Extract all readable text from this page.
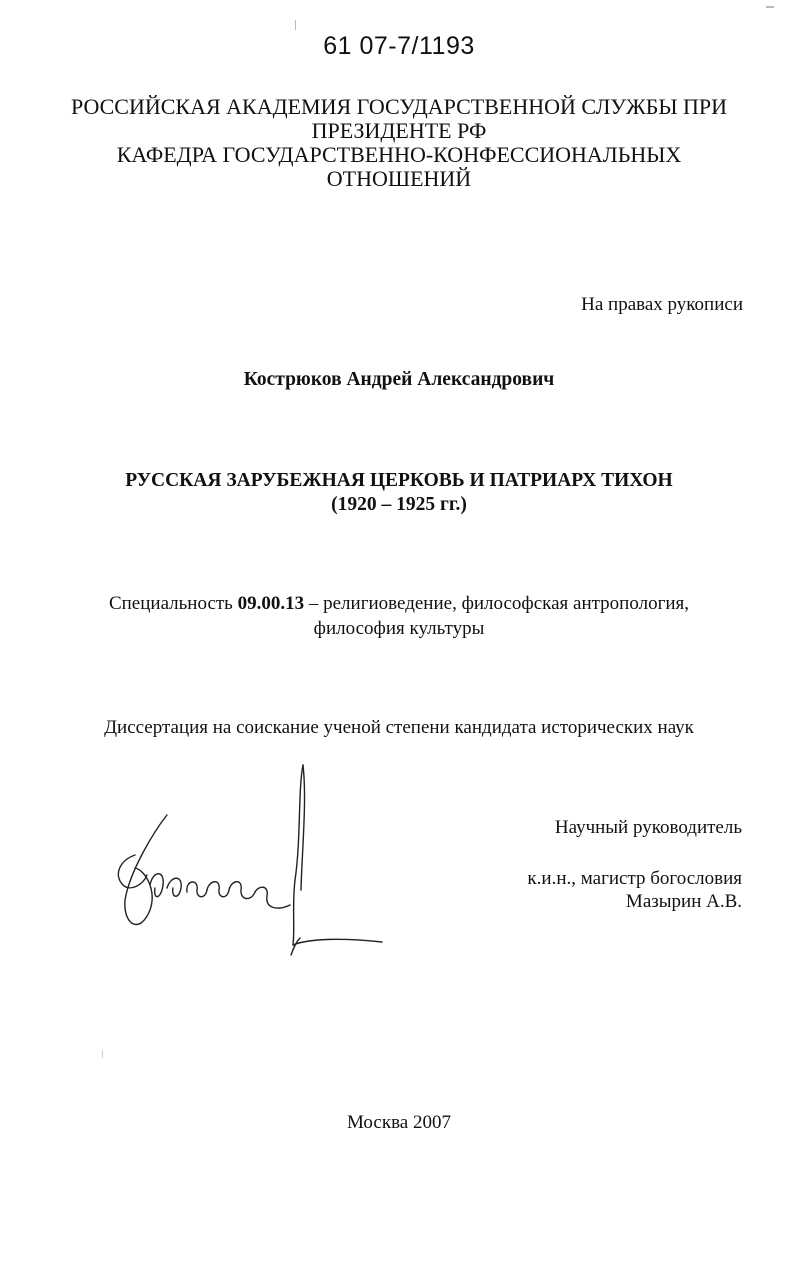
61 07-7/1193
РОССИЙСКАЯ АКАДЕМИЯ ГОСУДАРСТВЕННОЙ СЛУЖБЫ ПРИ
ПРЕЗИДЕНТЕ РФ
КАФЕДРА ГОСУДАРСТВЕННО-КОНФЕССИОНАЛЬНЫХ
ОТНОШЕНИЙ
На правах рукописи
Кострюков Андрей Александрович
РУССКАЯ ЗАРУБЕЖНАЯ ЦЕРКОВЬ И ПАТРИАРХ ТИХОН
(1920 – 1925 гг.)
Специальность 09.00.13 – религиоведение, философская антропология,
философия культуры
Диссертация на соискание ученой степени кандидата исторических наук
Научный руководитель
к.и.н., магистр богословия
Мазырин А.В.
Москва 2007
